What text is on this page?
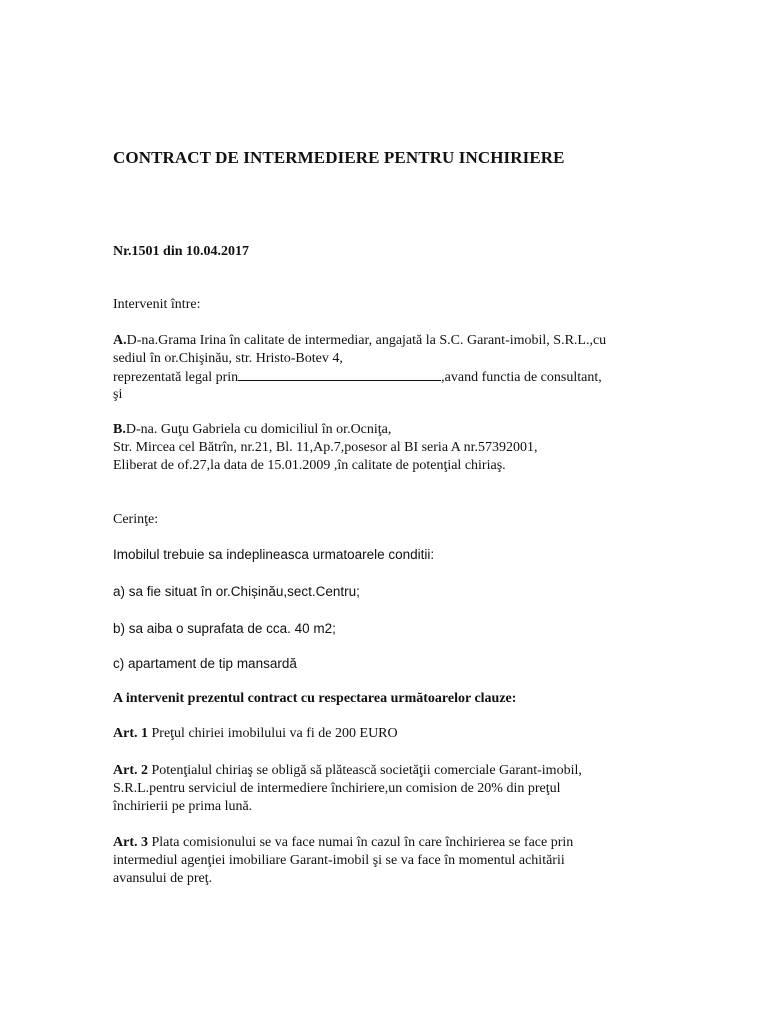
CONTRACT DE INTERMEDIERE PENTRU INCHIRIERE
Nr.1501 din 10.04.2017
Intervenit între:
A.D-na.Grama Irina în calitate de intermediar, angajată la S.C. Garant-imobil, S.R.L.,cu
sediul în or.Chişinău, str. Hristo-Botev 4,
reprezentată legal prin	,avand functia de consultant,
şi
B.D-na. Guţu Gabriela cu domiciliul în or.Ocniţa,
Str. Mircea cel Bătrîn, nr.21, Bl. 11,Ap.7,posesor al BI seria A nr.57392001,
Eliberat de of.27,la data de 15.01.2009 ,în calitate de potenţial chiriaş.
Cerinţe:
Imobilul trebuie sa indeplineasca urmatoarele conditii:
a) sa fie situat în or.Chișinău,sect.Centru;
b) sa aiba o suprafata de cca. 40 m2;
c) apartament de tip mansardă
A intervenit prezentul contract cu respectarea următoarelor clauze:
Art. 1 Preţul chiriei imobilului va fi de 200 EURO
Art. 2 Potenţialul chiriaş se obligă să plătească societăţii comerciale Garant-imobil,
S.R.L.pentru serviciul de intermediere închiriere,un comision de 20% din preţul
închirierii pe prima lună.
Art. 3 Plata comisionului se va face numai în cazul în care închirierea se face prin
intermediul agenţiei imobiliare Garant-imobil şi se va face în momentul achitării
avansului de preţ.
